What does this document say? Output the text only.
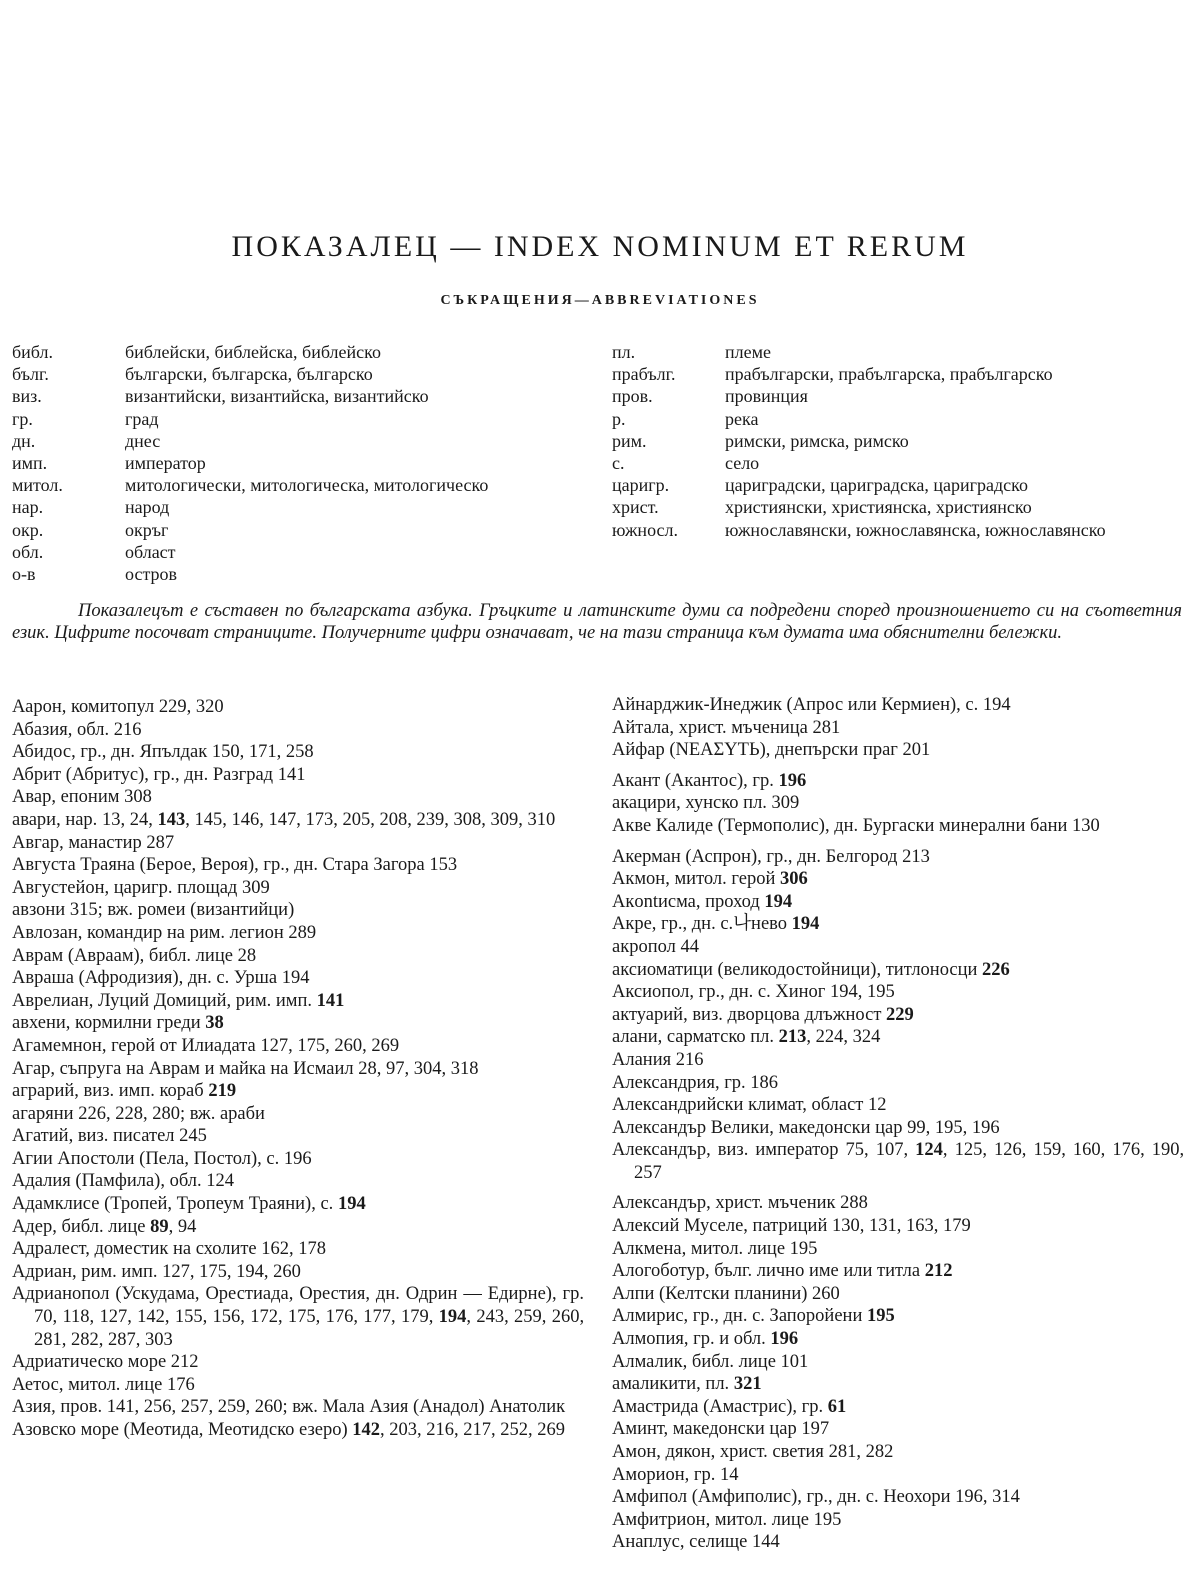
ПОКАЗАЛЕЦ — INDEX NOMINUM ET RERUM
СЪКРАЩЕНИЯ—ABBREVIATIONES
библ.	библейски, библейска, библейско
бълг.	български, българска, българско
виз.	византийски, византийска, византийско
гр.	град
дн.	днес
имп.	император
митол.	митологически, митологическа, митологическо
нар.	народ
окр.	окръг
обл.	област
о-в	остров
пл.	племе
прабълг.	прабългарски, прабългарска, прабългарско
пров.	провинция
р.	река
рим.	римски, римска, римско
с.	село
царигр.	цариградски, цариградска, цариградско
христ.	християнски, християнска, християнско
южносл.	южнославянски, южнославянска, южнославянско

Показалецът е съставен по българската азбука. Гръцките и латинските думи са подредени според произношението си на съответния език. Цифрите посочват страниците. Получерните цифри означават, че на тази страница към думата има обяснителни бележки.

Аарон, комитопул 229, 320
Абазия, обл. 216
Абидос, гр., дн. Япълдак 150, 171, 258
Абрит (Абритус), гр., дн. Разград 141
Авар, епоним 308
авари, нар. 13, 24, 143, 145, 146, 147, 173, 205, 208, 239, 308, 309, 310
Авгар, манастир 287
Августа Траяна (Берое, Вероя), гр., дн. Стара Загора 153
Августейон, царигр. площад 309
авзони 315; вж. ромеи (византийци)
Авлозан, командир на рим. легион 289
Аврам (Авраам), библ. лице 28
Авраша (Афродизия), дн. с. Урша 194
Аврелиан, Луций Домиций, рим. имп. 141
авхени, кормилни греди 38
Агамемнон, герой от Илиадата 127, 175, 260, 269
Агар, съпруга на Аврам и майка на Исмаил 28, 97, 304, 318
аграрий, виз. имп. кораб 219
агаряни 226, 228, 280; вж. араби
Агатий, виз. писател 245
Агии Апостоли (Пела, Постол), с. 196
Адалия (Памфила), обл. 124
Адамклисе (Тропей, Тропеум Траяни), с. 194
Адер, библ. лице 89, 94
Адралест, доместик на схолите 162, 178
Адриан, рим. имп. 127, 175, 194, 260
Адрианопол (Ускудама, Орестиада, Орестия, дн. Одрин — Едирне), гр. 70, 118, 127, 142, 155, 156, 172, 175, 176, 177, 179, 194, 243, 259, 260, 281, 282, 287, 303
Адриатическо море 212
Аетос, митол. лице 176
Азия, пров. 141, 256, 257, 259, 260; вж. Мала Азия (Анадол) Анатолик
Азовско море (Меотида, Меотидско езеро) 142, 203, 216, 217, 252, 269
Айнарджик-Инеджик (Апрос или Кермиен), с. 194
Айтала, христ. мъченица 281
Айфар (ΝΕΑΣΥΤЬ), днепърски праг 201
Акант (Акантос), гр. 196
акацири, хунско пл. 309
Акве Калиде (Термополис), дн. Бургаски минерални бани 130
Акерман (Аспрон), гр., дн. Белгород 213
Акмон, митол. герой 306
Акontисма, проход 194
Акре, гр., дн. с.나нево 194
акропол 44
аксиоматици (великодостойници), титлоносци 226
Аксиопол, гр., дн. с. Хиног 194, 195
актуарий, виз. дворцова длъжност 229
алани, сарматско пл. 213, 224, 324
Алания 216
Александрия, гр. 186
Александрийски климат, област 12
Александър Велики, македонски цар 99, 195, 196
Александър, виз. император 75, 107, 124, 125, 126, 159, 160, 176, 190, 257
Александър, христ. мъченик 288
Алексий Муселе, патриций 130, 131, 163, 179
Алкмена, митол. лице 195
Алогоботур, бълг. лично име или титла 212
Алпи (Келтски планини) 260
Алмирис, гр., дн. с. Запоройени 195
Алмопия, гр. и обл. 196
Алмалик, библ. лице 101
амаликити, пл. 321
Амастрида (Амастрис), гр. 61
Аминт, македонски цар 197
Амон, дякон, христ. светия 281, 282
Аморион, гр. 14
Амфипол (Амфиполис), гр., дн. с. Неохори 196, 314
Амфитрион, митол. лице 195
Анаплус, селище 144
